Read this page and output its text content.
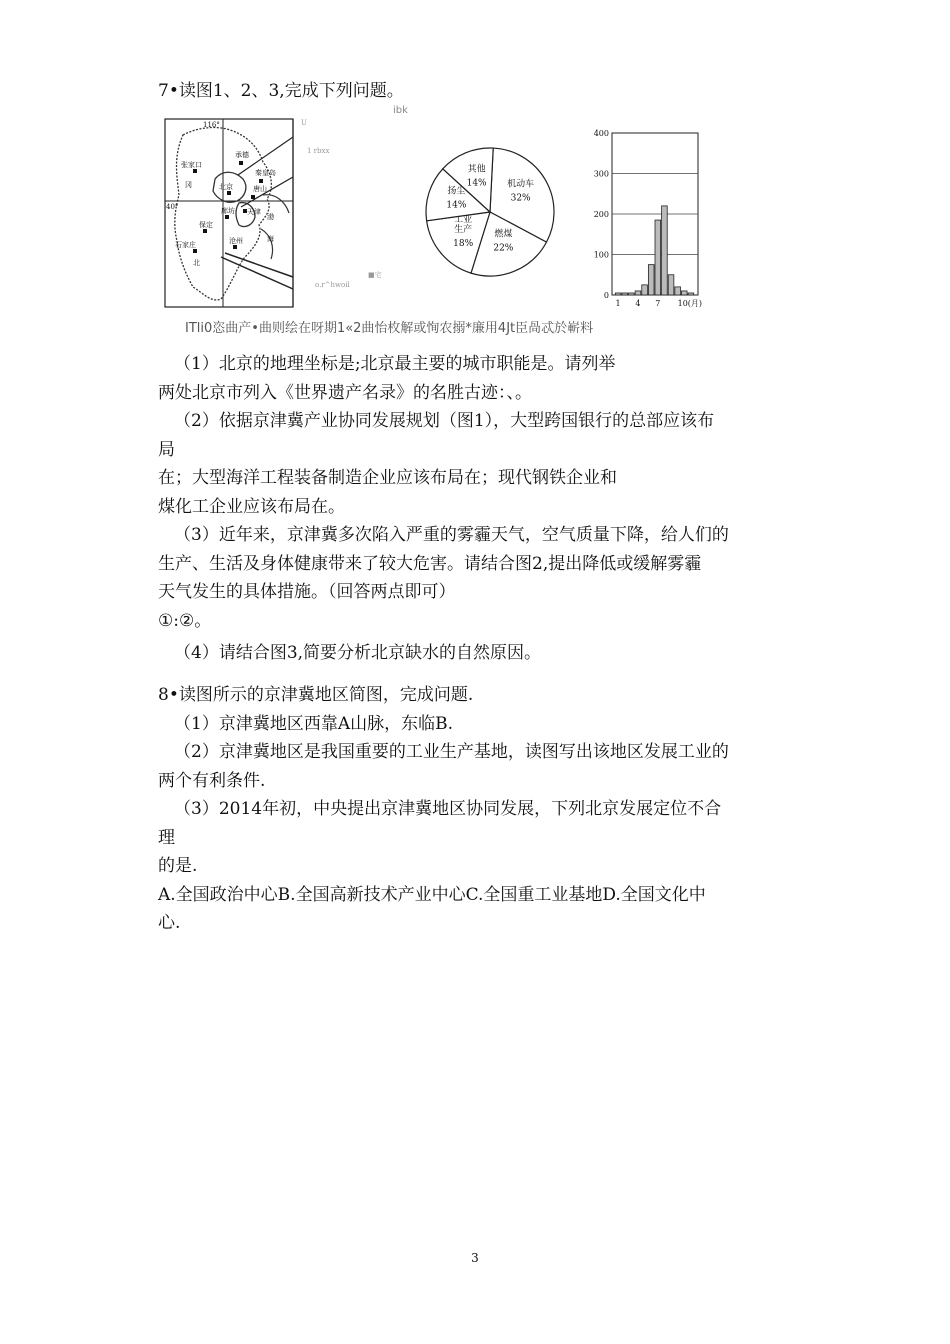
7•读图1、2、3,完成下列问题。
ibk
116°
40°
张家口
冈
承德
北京
秦皇岛
唐山
天津
廊坊
保定
石家庄	沧州
渤
海
北
U
1 rbxx
o.r^hwoil
■宅
机动车
32%
燃煤
22%
工业
生产
18%
扬尘
14%
其他
14%
0
100
200
300
400
1 4 7 10(月)
ITli0恣曲产•曲则绘在呀期1«2曲怡枚解或恂农搦*廉用4Jt臣咼忒於嶄料
（1）北京的地理坐标是;北京最主要的城市职能是。请列举
两处北京市列入《世界遗产名录》的名胜古迹：、。
（2）依据京津冀产业协同发展规划（图1），大型跨国银行的总部应该布
局
在；大型海洋工程装备制造企业应该布局在；现代钢铁企业和
煤化工企业应该布局在。
（3）近年来，京津冀多次陷入严重的雾霾天气，空气质量下降，给人们的
生产、生活及身体健康带来了较大危害。请结合图2,提出降低或缓解雾霾
天气发生的具体措施。（回答两点即可）
①:②。
（4）请结合图3,简要分析北京缺水的自然原因。
8•读图所示的京津冀地区简图，完成问题.
（1）京津冀地区西靠A山脉，东临B.
（2）京津冀地区是我国重要的工业生产基地，读图写出该地区发展工业的
两个有利条件.
（3）2014年初，中央提出京津冀地区协同发展，下列北京发展定位不合
理
的是.
A.全国政治中心B.全国高新技术产业中心C.全国重工业基地D.全国文化中
心.
3
